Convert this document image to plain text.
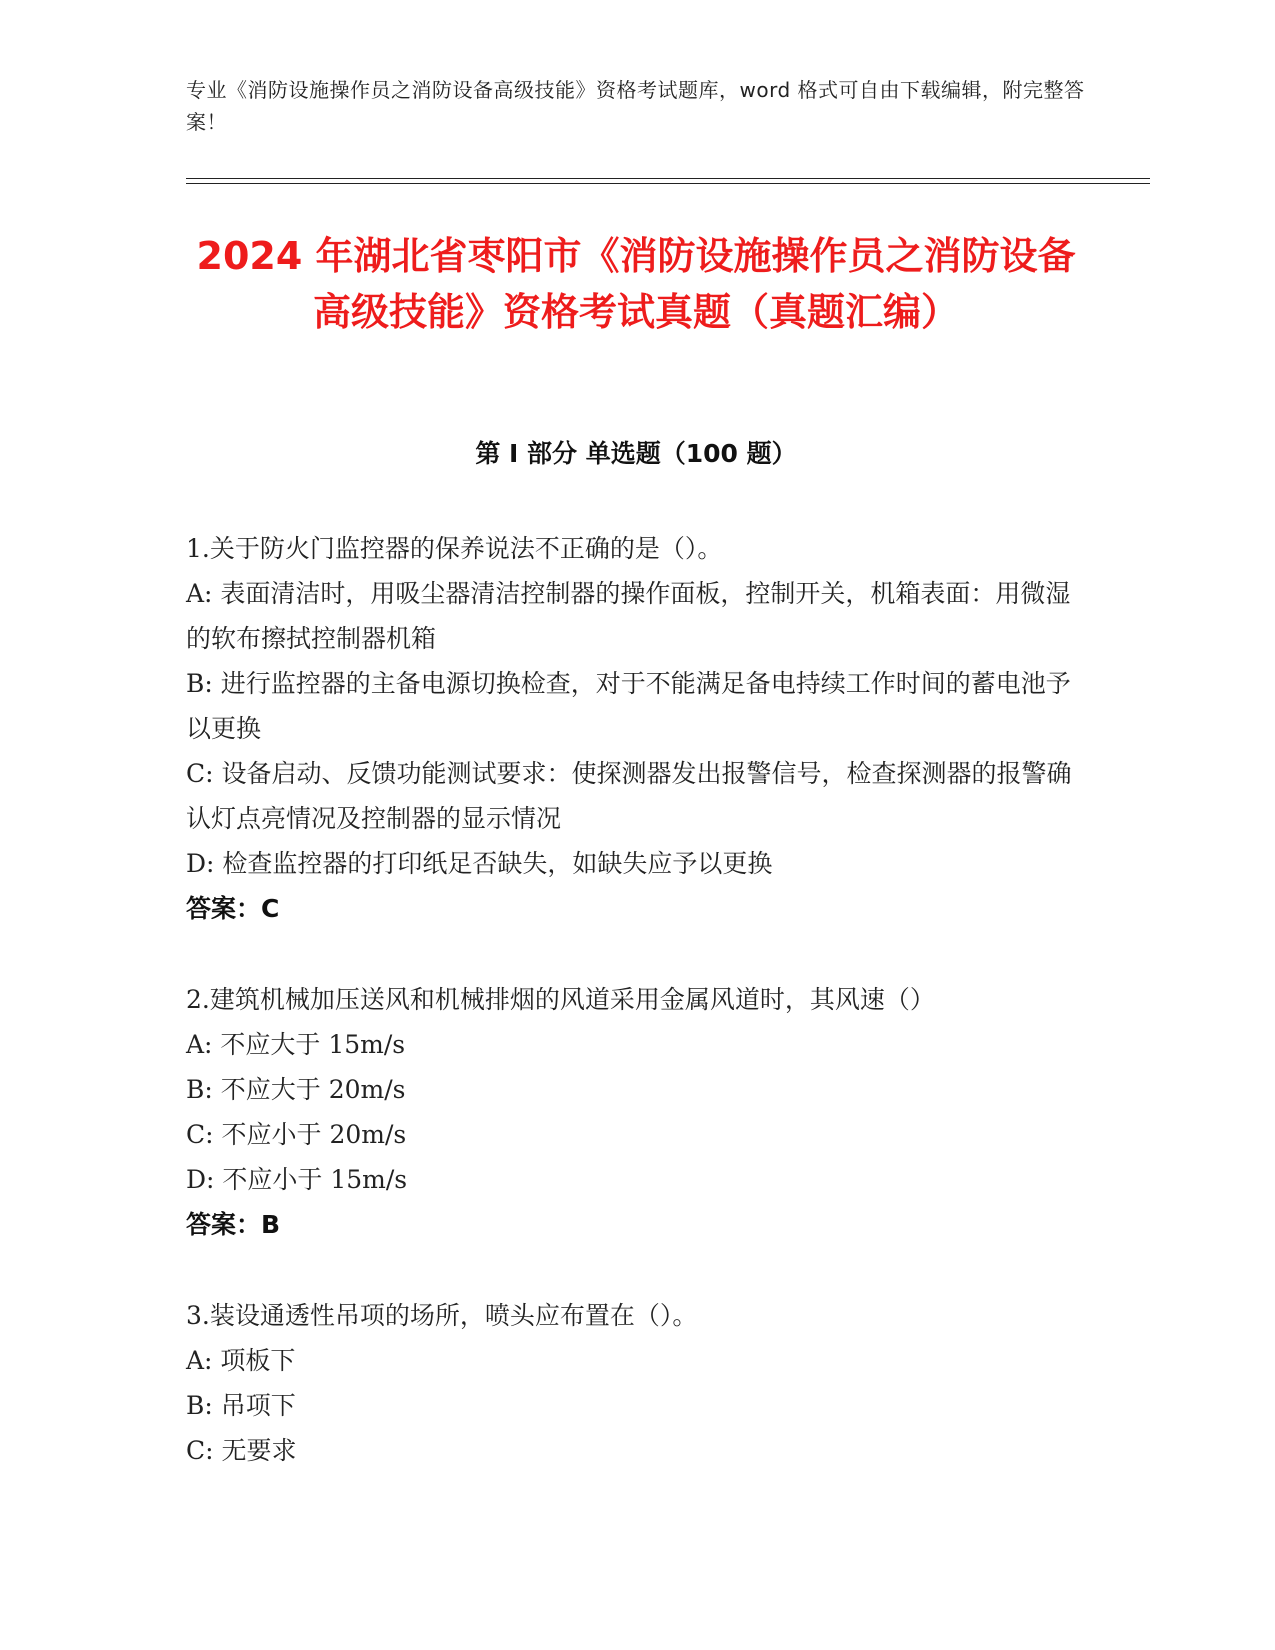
专业《消防设施操作员之消防设备高级技能》资格考试题库，word 格式可自由下载编辑，附完整答案！
2024 年湖北省枣阳市《消防设施操作员之消防设备高级技能》资格考试真题（真题汇编）
第 I 部分 单选题（100 题）
1.关于防火门监控器的保养说法不正确的是（）。
A: 表面清洁时，用吸尘器清洁控制器的操作面板，控制开关，机箱表面：用微湿的软布擦拭控制器机箱
B: 进行监控器的主备电源切换检查，对于不能满足备电持续工作时间的蓄电池予以更换
C: 设备启动、反馈功能测试要求：使探测器发出报警信号，检查探测器的报警确认灯点亮情况及控制器的显示情况
D: 检查监控器的打印纸足否缺失，如缺失应予以更换
答案：C
2.建筑机械加压送风和机械排烟的风道采用金属风道时，其风速（）
A: 不应大于 15m/s
B: 不应大于 20m/s
C: 不应小于 20m/s
D: 不应小于 15m/s
答案：B
3.装设通透性吊项的场所，喷头应布置在（）。
A: 项板下
B: 吊项下
C: 无要求
